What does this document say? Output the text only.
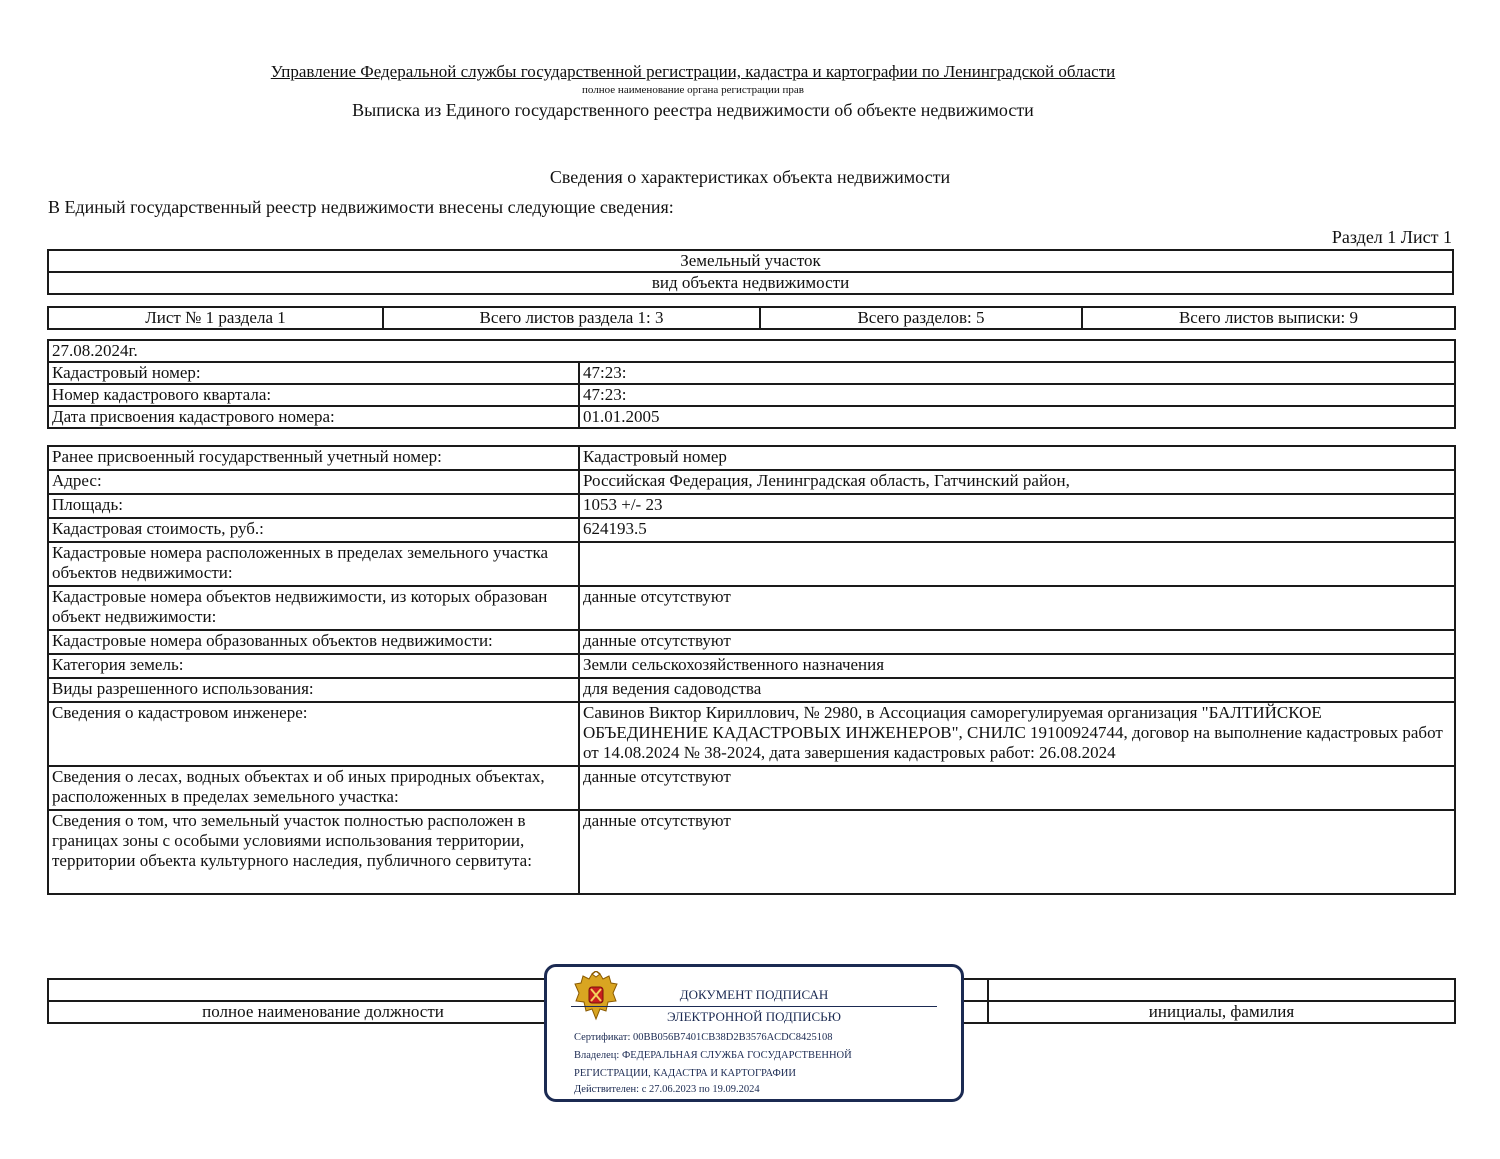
Управление Федеральной службы государственной регистрации, кадастра и картографии по Ленинградской области
полное наименование органа регистрации прав
Выписка из Единого государственного реестра недвижимости об объекте недвижимости
Сведения о характеристиках объекта недвижимости
В Единый государственный реестр недвижимости внесены следующие сведения:
Раздел 1 Лист 1
Земельный участок
вид объекта недвижимости
Лист № 1 раздела 1	Всего листов раздела 1: 3	Всего разделов: 5	Всего листов выписки: 9
27.08.2024г.	
Кадастровый номер:	47:23:
Номер кадастрового квартала:	47:23:
Дата присвоения кадастрового номера:	01.01.2005
Ранее присвоенный государственный учетный номер:	Кадастровый номер
Адрес:	Российская Федерация, Ленинградская область, Гатчинский район,
Площадь:	1053 +/- 23
Кадастровая стоимость, руб.:	624193.5
Кадастровые номера расположенных в пределах земельного участка объектов недвижимости:	
Кадастровые номера объектов недвижимости, из которых образован объект недвижимости:	данные отсутствуют
Кадастровые номера образованных объектов недвижимости:	данные отсутствуют
Категория земель:	Земли сельскохозяйственного назначения
Виды разрешенного использования:	для ведения садоводства
Сведения о кадастровом инженере:	Савинов Виктор Кириллович, № 2980, в Ассоциация саморегулируемая организация "БАЛТИЙСКОЕ ОБЪЕДИНЕНИЕ КАДАСТРОВЫХ ИНЖЕНЕРОВ", СНИЛС 19100924744, договор на выполнение кадастровых работ от 14.08.2024 № 38-2024, дата завершения кадастровых работ: 26.08.2024
Сведения о лесах, водных объектах и об иных природных объектах, расположенных в пределах земельного участка:	данные отсутствуют
Сведения о том, что земельный участок полностью расположен в границах зоны с особыми условиями использования территории, территории объекта культурного наследия, публичного сервитута:	данные отсутствуют

полное наименование должности		инициалы, фамилия
ДОКУМЕНТ ПОДПИСАН
ЭЛЕКТРОННОЙ ПОДПИСЬЮ
Сертификат: 00BB056B7401CB38D2B3576ACDC8425108
Владелец: ФЕДЕРАЛЬНАЯ СЛУЖБА ГОСУДАРСТВЕННОЙ
РЕГИСТРАЦИИ, КАДАСТРА И КАРТОГРАФИИ
Действителен: с 27.06.2023 по 19.09.2024
